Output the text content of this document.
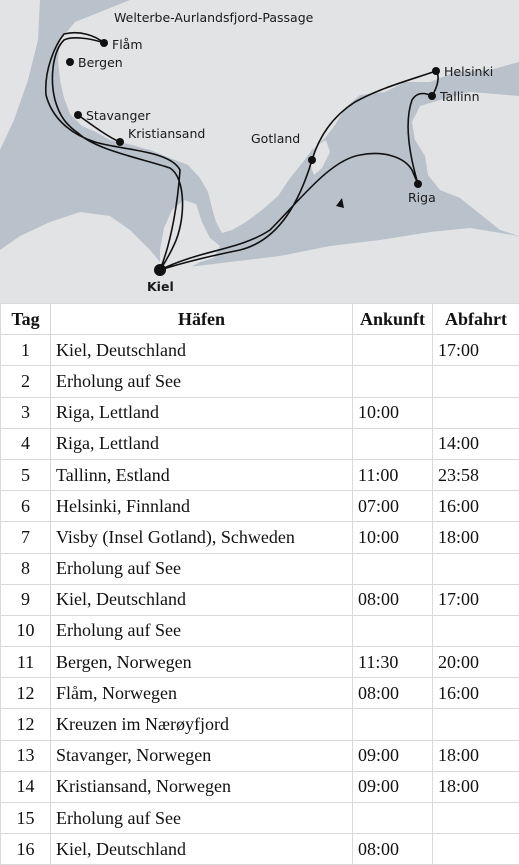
Welterbe-Aurlandsfjord-Passage
Flåm
Bergen
Stavanger
Kristiansand	Gotland
Helsinki
Tallinn
Riga
Kiel
Tag	Häfen	Ankunft	Abfahrt
1	Kiel, Deutschland		17:00
2	Erholung auf See		
3	Riga, Lettland	10:00	
4	Riga, Lettland		14:00
5	Tallinn, Estland	11:00	23:58
6	Helsinki, Finnland	07:00	16:00
7	Visby (Insel Gotland), Schweden	10:00	18:00
8	Erholung auf See		
9	Kiel, Deutschland	08:00	17:00
10	Erholung auf See		
11	Bergen, Norwegen	11:30	20:00
12	Flåm, Norwegen	08:00	16:00
12	Kreuzen im Nærøyfjord		
13	Stavanger, Norwegen	09:00	18:00
14	Kristiansand, Norwegen	09:00	18:00
15	Erholung auf See		
16	Kiel, Deutschland	08:00	
